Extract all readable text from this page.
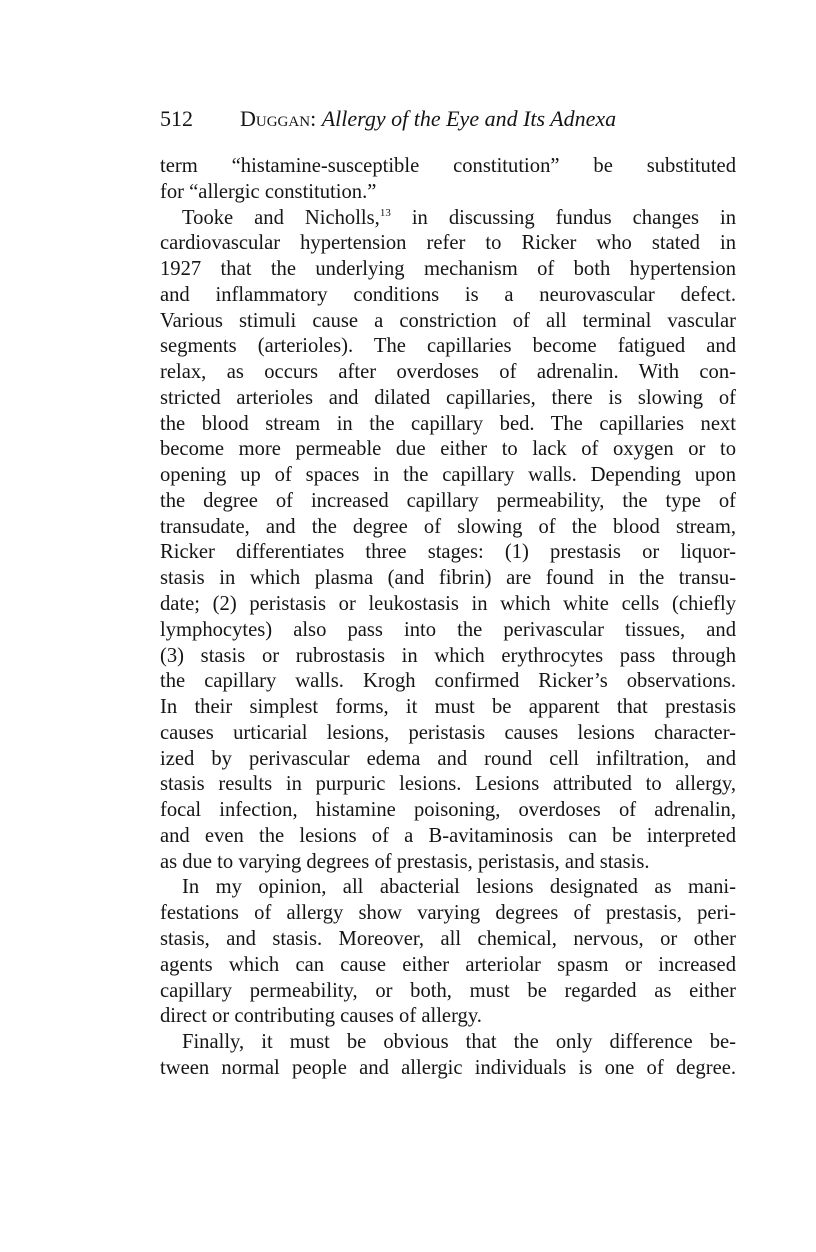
512 Duggan: Allergy of the Eye and Its Adnexa
term “histamine-susceptible constitution” be substituted
for “allergic constitution.”
Tooke and Nicholls,$^{13}$ in discussing fundus changes in
cardiovascular hypertension refer to Ricker who stated in
1927 that the underlying mechanism of both hypertension
and inflammatory conditions is a neurovascular defect.
Various stimuli cause a constriction of all terminal vascular
segments (arterioles). The capillaries become fatigued and
relax, as occurs after overdoses of adrenalin. With con-
stricted arterioles and dilated capillaries, there is slowing of
the blood stream in the capillary bed. The capillaries next
become more permeable due either to lack of oxygen or to
opening up of spaces in the capillary walls. Depending upon
the degree of increased capillary permeability, the type of
transudate, and the degree of slowing of the blood stream,
Ricker differentiates three stages: (1) prestasis or liquor-
stasis in which plasma (and fibrin) are found in the transu-
date; (2) peristasis or leukostasis in which white cells (chiefly
lymphocytes) also pass into the perivascular tissues, and
(3) stasis or rubrostasis in which erythrocytes pass through
the capillary walls. Krogh confirmed Ricker’s observations.
In their simplest forms, it must be apparent that prestasis
causes urticarial lesions, peristasis causes lesions character-
ized by perivascular edema and round cell infiltration, and
stasis results in purpuric lesions. Lesions attributed to allergy,
focal infection, histamine poisoning, overdoses of adrenalin,
and even the lesions of a B-avitaminosis can be interpreted
as due to varying degrees of prestasis, peristasis, and stasis.
In my opinion, all abacterial lesions designated as mani-
festations of allergy show varying degrees of prestasis, peri-
stasis, and stasis. Moreover, all chemical, nervous, or other
agents which can cause either arteriolar spasm or increased
capillary permeability, or both, must be regarded as either
direct or contributing causes of allergy.
Finally, it must be obvious that the only difference be-
tween normal people and allergic individuals is one of degree.
